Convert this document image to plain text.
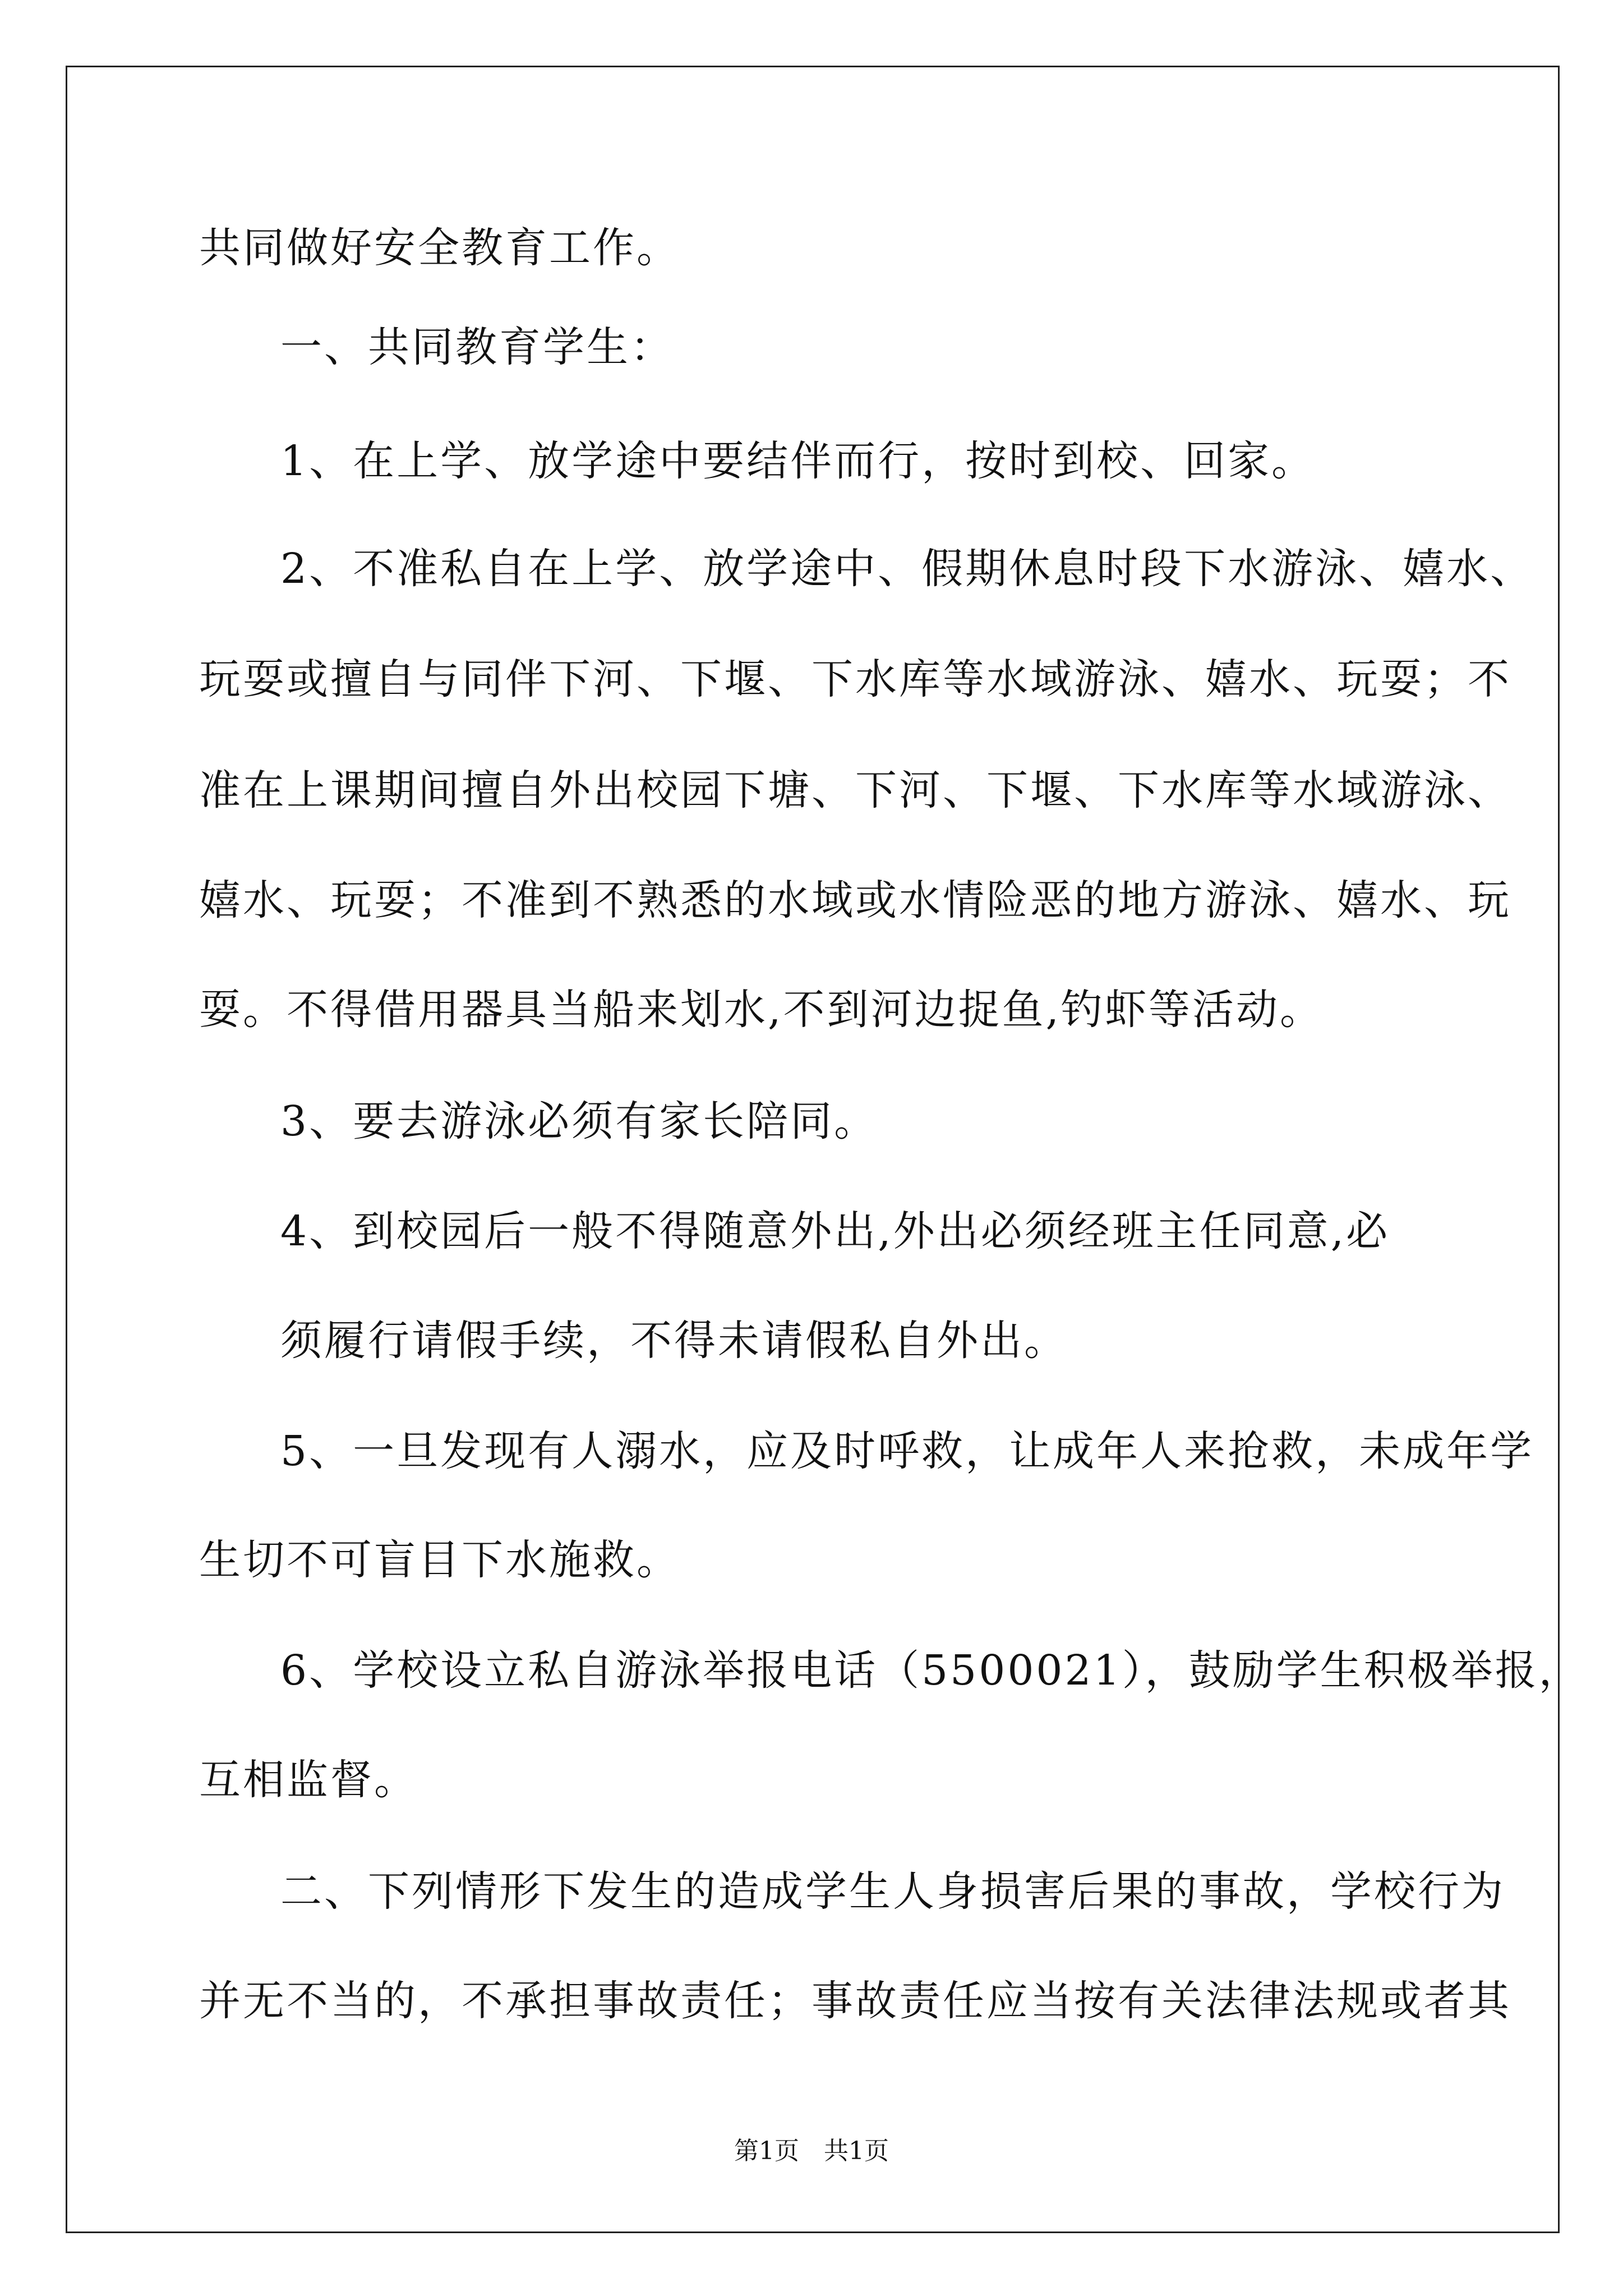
共同做好安全教育工作。

一、共同教育学生：

1、在上学、放学途中要结伴而行，按时到校、回家。

2、不准私自在上学、放学途中、假期休息时段下水游泳、嬉水、

玩耍或擅自与同伴下河、下堰、下水库等水域游泳、嬉水、玩耍；不

准在上课期间擅自外出校园下塘、下河、下堰、下水库等水域游泳、

嬉水、玩耍；不准到不熟悉的水域或水情险恶的地方游泳、嬉水、玩

耍。不得借用器具当船来划水,不到河边捉鱼,钓虾等活动。

3、要去游泳必须有家长陪同。

4、到校园后一般不得随意外出,外出必须经班主任同意,必

须履行请假手续，不得未请假私自外出。

5、一旦发现有人溺水，应及时呼救，让成年人来抢救，未成年学

生切不可盲目下水施救。

6、学校设立私自游泳举报电话（5500021），鼓励学生积极举报，

互相监督。

二、下列情形下发生的造成学生人身损害后果的事故，学校行为

并无不当的，不承担事故责任；事故责任应当按有关法律法规或者其

第1页　共1页
